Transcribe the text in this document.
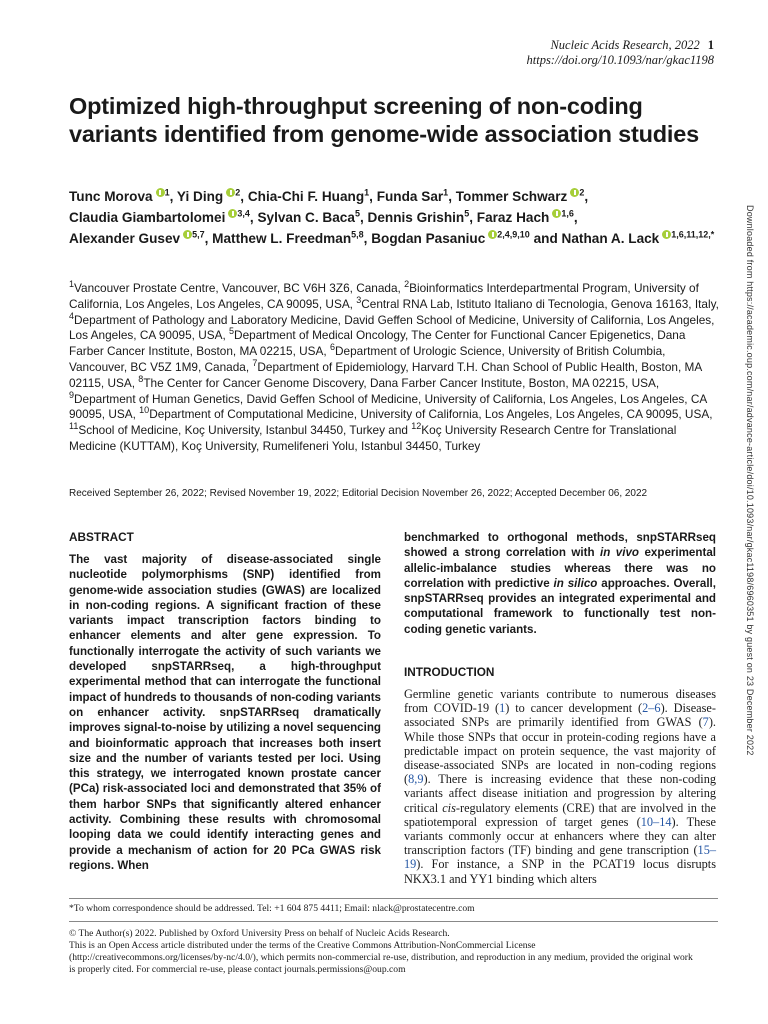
Nucleic Acids Research, 2022 1
https://doi.org/10.1093/nar/gkac1198
Optimized high-throughput screening of non-coding variants identified from genome-wide association studies
Tunc Morova $^1$, Yi Ding $^2$, Chia-Chi F. Huang$^1$, Funda Sar$^1$, Tommer Schwarz $^2$, Claudia Giambartolomei $^{3,4}$, Sylvan C. Baca$^5$, Dennis Grishin$^5$, Faraz Hach $^{1,6}$, Alexander Gusev $^{5,7}$, Matthew L. Freedman$^{5,8}$, Bogdan Pasaniuc $^{2,4,9,10}$ and Nathan A. Lack $^{1,6,11,12,*}$
$^1$Vancouver Prostate Centre, Vancouver, BC V6H 3Z6, Canada, $^2$Bioinformatics Interdepartmental Program, University of California, Los Angeles, Los Angeles, CA 90095, USA, $^3$Central RNA Lab, Istituto Italiano di Tecnologia, Genova 16163, Italy, $^4$Department of Pathology and Laboratory Medicine, David Geffen School of Medicine, University of California, Los Angeles, Los Angeles, CA 90095, USA, $^5$Department of Medical Oncology, The Center for Functional Cancer Epigenetics, Dana Farber Cancer Institute, Boston, MA 02215, USA, $^6$Department of Urologic Science, University of British Columbia, Vancouver, BC V5Z 1M9, Canada, $^7$Department of Epidemiology, Harvard T.H. Chan School of Public Health, Boston, MA 02115, USA, $^8$The Center for Cancer Genome Discovery, Dana Farber Cancer Institute, Boston, MA 02215, USA, $^9$Department of Human Genetics, David Geffen School of Medicine, University of California, Los Angeles, Los Angeles, CA 90095, USA, $^{10}$Department of Computational Medicine, University of California, Los Angeles, Los Angeles, CA 90095, USA, $^{11}$School of Medicine, Koç University, Istanbul 34450, Turkey and $^{12}$Koç University Research Centre for Translational Medicine (KUTTAM), Koç University, Rumelifeneri Yolu, Istanbul 34450, Turkey
Received September 26, 2022; Revised November 19, 2022; Editorial Decision November 26, 2022; Accepted December 06, 2022
ABSTRACT
The vast majority of disease-associated single nucleotide polymorphisms (SNP) identified from genome-wide association studies (GWAS) are localized in non-coding regions. A significant fraction of these variants impact transcription factors binding to enhancer elements and alter gene expression. To functionally interrogate the activity of such variants we developed snpSTARRseq, a high-throughput experimental method that can interrogate the functional impact of hundreds to thousands of non-coding variants on enhancer activity. snpSTARRseq dramatically improves signal-to-noise by utilizing a novel sequencing and bioinformatic approach that increases both insert size and the number of variants tested per loci. Using this strategy, we interrogated known prostate cancer (PCa) risk-associated loci and demonstrated that 35% of them harbor SNPs that significantly altered enhancer activity. Combining these results with chromosomal looping data we could identify interacting genes and provide a mechanism of action for 20 PCa GWAS risk regions. When
benchmarked to orthogonal methods, snpSTARRseq showed a strong correlation with in vivo experimental allelic-imbalance studies whereas there was no correlation with predictive in silico approaches. Overall, snpSTARRseq provides an integrated experimental and computational framework to functionally test non-coding genetic variants.
INTRODUCTION
Germline genetic variants contribute to numerous diseases from COVID-19 (1) to cancer development (2–6). Disease-associated SNPs are primarily identified from GWAS (7). While those SNPs that occur in protein-coding regions have a predictable impact on protein sequence, the vast majority of disease-associated SNPs are located in non-coding regions (8,9). There is increasing evidence that these non-coding variants affect disease initiation and progression by altering critical cis-regulatory elements (CRE) that are involved in the spatiotemporal expression of target genes (10–14). These variants commonly occur at enhancers where they can alter transcription factors (TF) binding and gene transcription (15–19). For instance, a SNP in the PCAT19 locus disrupts NKX3.1 and YY1 binding which alters
*To whom correspondence should be addressed. Tel: +1 604 875 4411; Email: nlack@prostatecentre.com
© The Author(s) 2022. Published by Oxford University Press on behalf of Nucleic Acids Research.
This is an Open Access article distributed under the terms of the Creative Commons Attribution-NonCommercial License
(http://creativecommons.org/licenses/by-nc/4.0/), which permits non-commercial re-use, distribution, and reproduction in any medium, provided the original work
is properly cited. For commercial re-use, please contact journals.permissions@oup.com
Downloaded from https://academic.oup.com/nar/advance-article/doi/10.1093/nar/gkac1198/6960351 by guest on 23 December 2022
